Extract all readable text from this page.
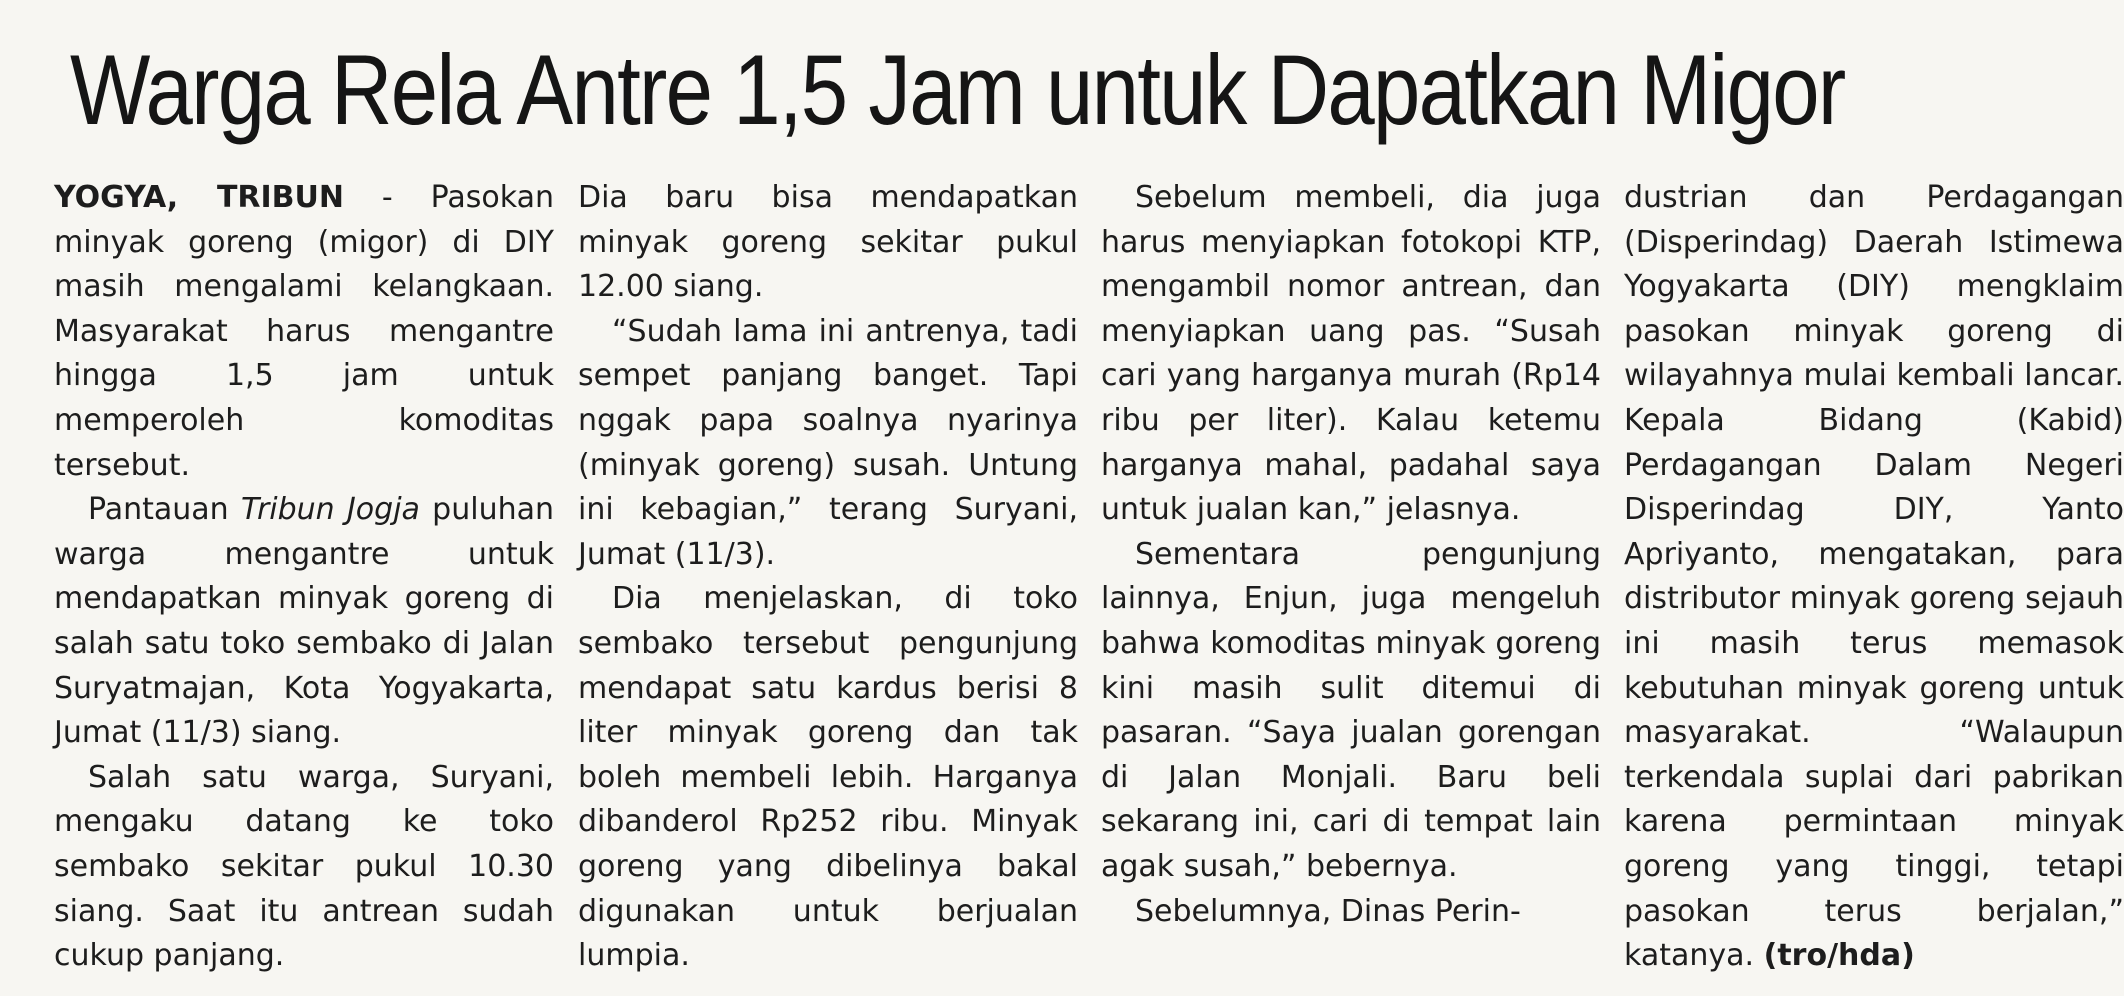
Warga Rela Antre 1,5 Jam untuk Dapatkan Migor

YOGYA, TRIBUN - Pasokan minyak goreng (migor) di DIY masih mengalami kelangkaan. Masyarakat harus mengantre hingga 1,5 jam untuk memperoleh komoditas tersebut.

Pantauan Tribun Jogja puluhan warga mengantre untuk mendapatkan minyak goreng di salah satu toko sembako di Jalan Suryatmajan, Kota Yogyakarta, Jumat (11/3) siang.

Salah satu warga, Suryani, mengaku datang ke toko sembako sekitar pukul 10.30 siang. Saat itu antrean sudah cukup panjang.

Dia baru bisa mendapatkan minyak goreng sekitar pukul 12.00 siang.

“Sudah lama ini antrenya, tadi sempet panjang banget. Tapi nggak papa soalnya nyarinya (minyak goreng) susah. Untung ini kebagian,” terang Suryani, Jumat (11/3).

Dia menjelaskan, di toko sembako tersebut pengunjung mendapat satu kardus berisi 8 liter minyak goreng dan tak boleh membeli lebih. Harganya dibanderol Rp252 ribu. Minyak goreng yang dibelinya bakal digunakan untuk berjualan lumpia.

Sebelum membeli, dia juga harus menyiapkan fotokopi KTP, mengambil nomor antrean, dan menyiapkan uang pas. “Susah cari yang harganya murah (Rp14 ribu per liter). Kalau ketemu harganya mahal, padahal saya untuk jualan kan,” jelasnya.

Sementara pengunjung lainnya, Enjun, juga mengeluh bahwa komoditas minyak goreng kini masih sulit ditemui di pasaran. “Saya jualan gorengan di Jalan Monjali. Baru beli sekarang ini, cari di tempat lain agak susah,” bebernya.

Sebelumnya, Dinas Perin-

dustrian dan Perdagangan (Disperindag) Daerah Istimewa Yogyakarta (DIY) mengklaim pasokan minyak goreng di wilayahnya mulai kembali lancar. Kepala Bidang (Kabid) Perdagangan Dalam Negeri Disperindag DIY, Yanto Apriyanto, mengatakan, para distributor minyak goreng sejauh ini masih terus memasok kebutuhan minyak goreng untuk masyarakat. “Walaupun terkendala suplai dari pabrikan karena permintaan minyak goreng yang tinggi, tetapi pasokan terus berjalan,” katanya. (tro/hda)
